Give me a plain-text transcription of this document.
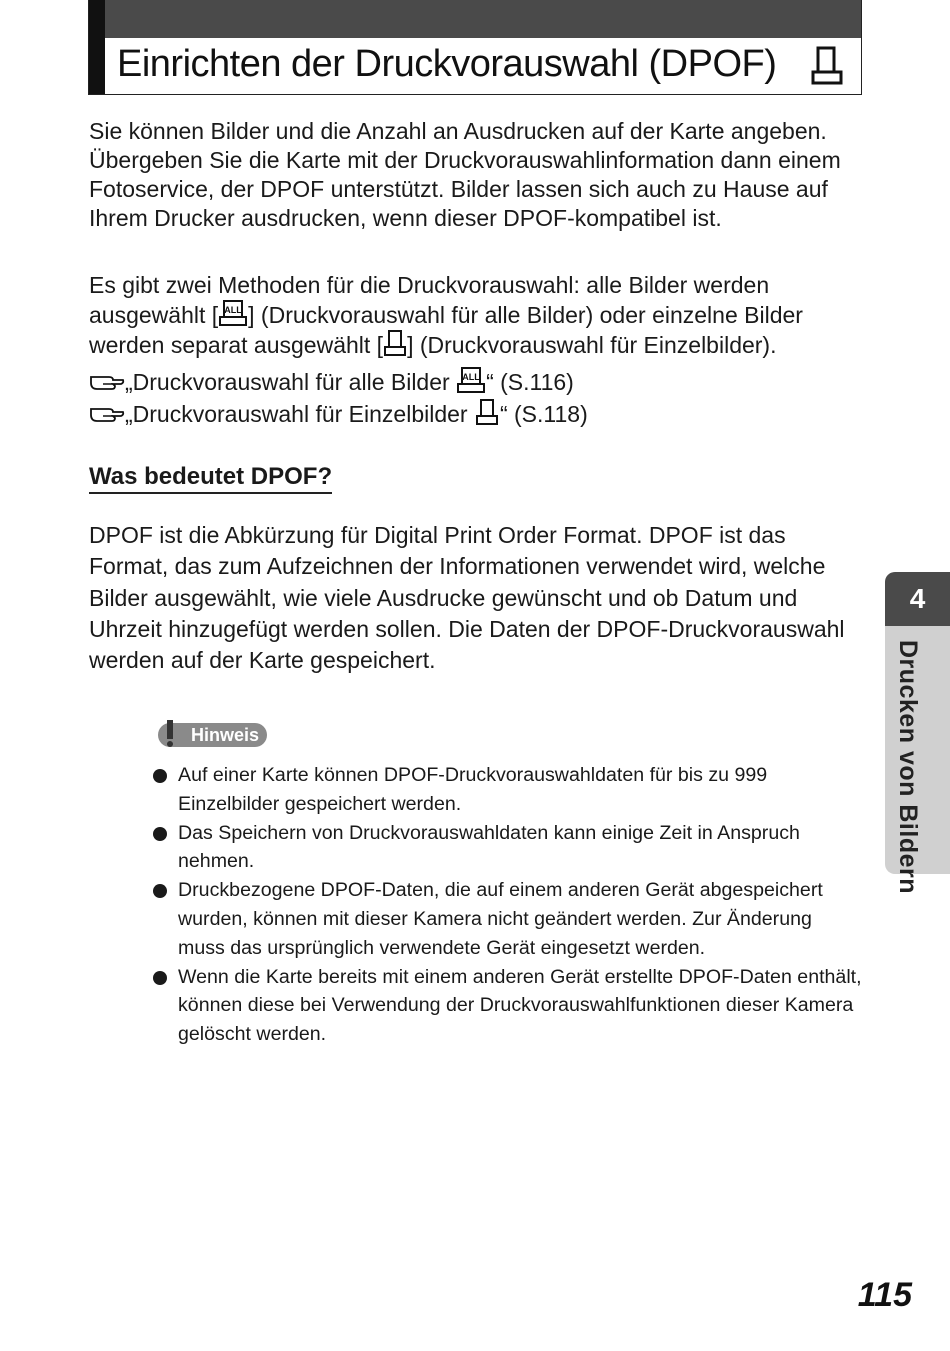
Einrichten der Druckvorauswahl (DPOF)
Sie können Bilder und die Anzahl an Ausdrucken auf der Karte angeben. Übergeben Sie die Karte mit der Druckvorauswahlinformation dann einem Fotoservice, der DPOF unterstützt. Bilder lassen sich auch zu Hause auf Ihrem Drucker ausdrucken, wenn dieser DPOF-kompatibel ist.
Es gibt zwei Methoden für die Druckvorauswahl: alle Bilder werden ausgewählt [ ALL ] (Druckvorauswahl für alle Bilder) oder einzelne Bilder werden separat ausgewählt [ ] (Druckvorauswahl für Einzelbilder).
„Druckvorauswahl für alle Bilder ALL “ (S.116)
„Druckvorauswahl für Einzelbilder “ (S.118)
Was bedeutet DPOF?
DPOF ist die Abkürzung für Digital Print Order Format. DPOF ist das Format, das zum Aufzeichnen der Informationen verwendet wird, welche Bilder ausgewählt, wie viele Ausdrucke gewünscht und ob Datum und Uhrzeit hinzugefügt werden sollen. Die Daten der DPOF-Druckvorauswahl werden auf der Karte gespeichert.
Hinweis
Auf einer Karte können DPOF-Druckvorauswahldaten für bis zu 999 Einzelbilder gespeichert werden.
Das Speichern von Druckvorauswahldaten kann einige Zeit in Anspruch nehmen.
Druckbezogene DPOF-Daten, die auf einem anderen Gerät abgespeichert wurden, können mit dieser Kamera nicht geändert werden. Zur Änderung muss das ursprünglich verwendete Gerät eingesetzt werden.
Wenn die Karte bereits mit einem anderen Gerät erstellte DPOF-Daten enthält, können diese bei Verwendung der Druckvorauswahlfunktionen dieser Kamera gelöscht werden.
4
Drucken von Bildern
115
